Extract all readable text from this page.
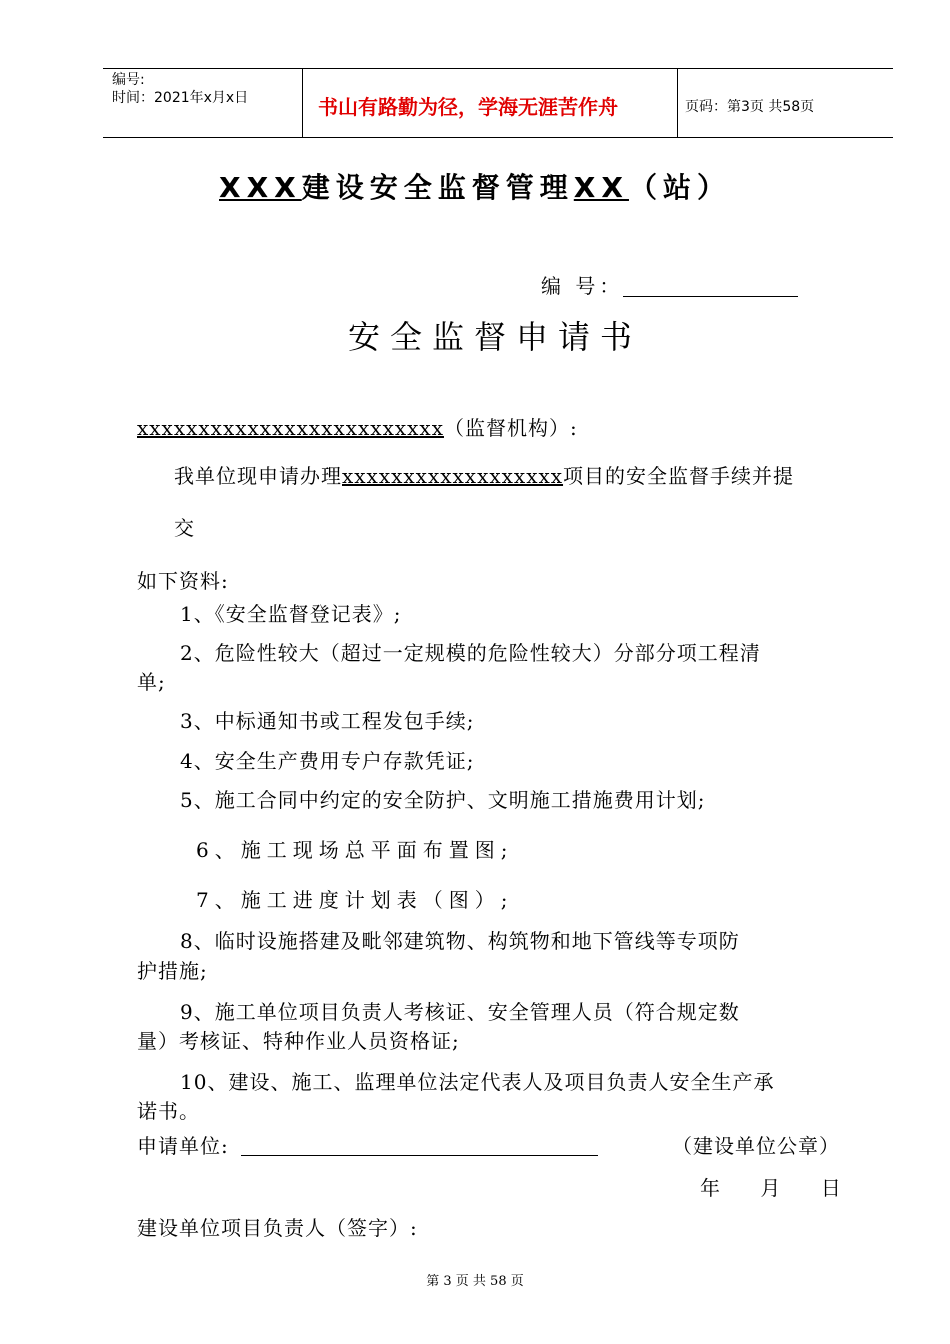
编号:
时间：2021年x月x日	书山有路勤为径，学海无涯苦作舟	页码：第3页 共58页
XXX建设安全监督管理XX（站）
编 号：
安全监督申请书
xxxxxxxxxxxxxxxxxxxxxxxxx（监督机构）:
我单位现申请办理xxxxxxxxxxxxxxxxxx项目的安全监督手续并提
交
如下资料:
1、《安全监督登记表》;
2、危险性较大（超过一定规模的危险性较大）分部分项工程清
单;
3、中标通知书或工程发包手续;
4、安全生产费用专户存款凭证;
5、施工合同中约定的安全防护、文明施工措施费用计划;
6、施工现场总平面布置图;
7、施工进度计划表（图）;
8、临时设施搭建及毗邻建筑物、构筑物和地下管线等专项防
护措施;
9、施工单位项目负责人考核证、安全管理人员（符合规定数
量）考核证、特种作业人员资格证;
10、建设、施工、监理单位法定代表人及项目负责人安全生产承
诺书。
申请单位:	（建设单位公章）
年    月    日
建设单位项目负责人（签字）:
第 3 页 共 58 页
